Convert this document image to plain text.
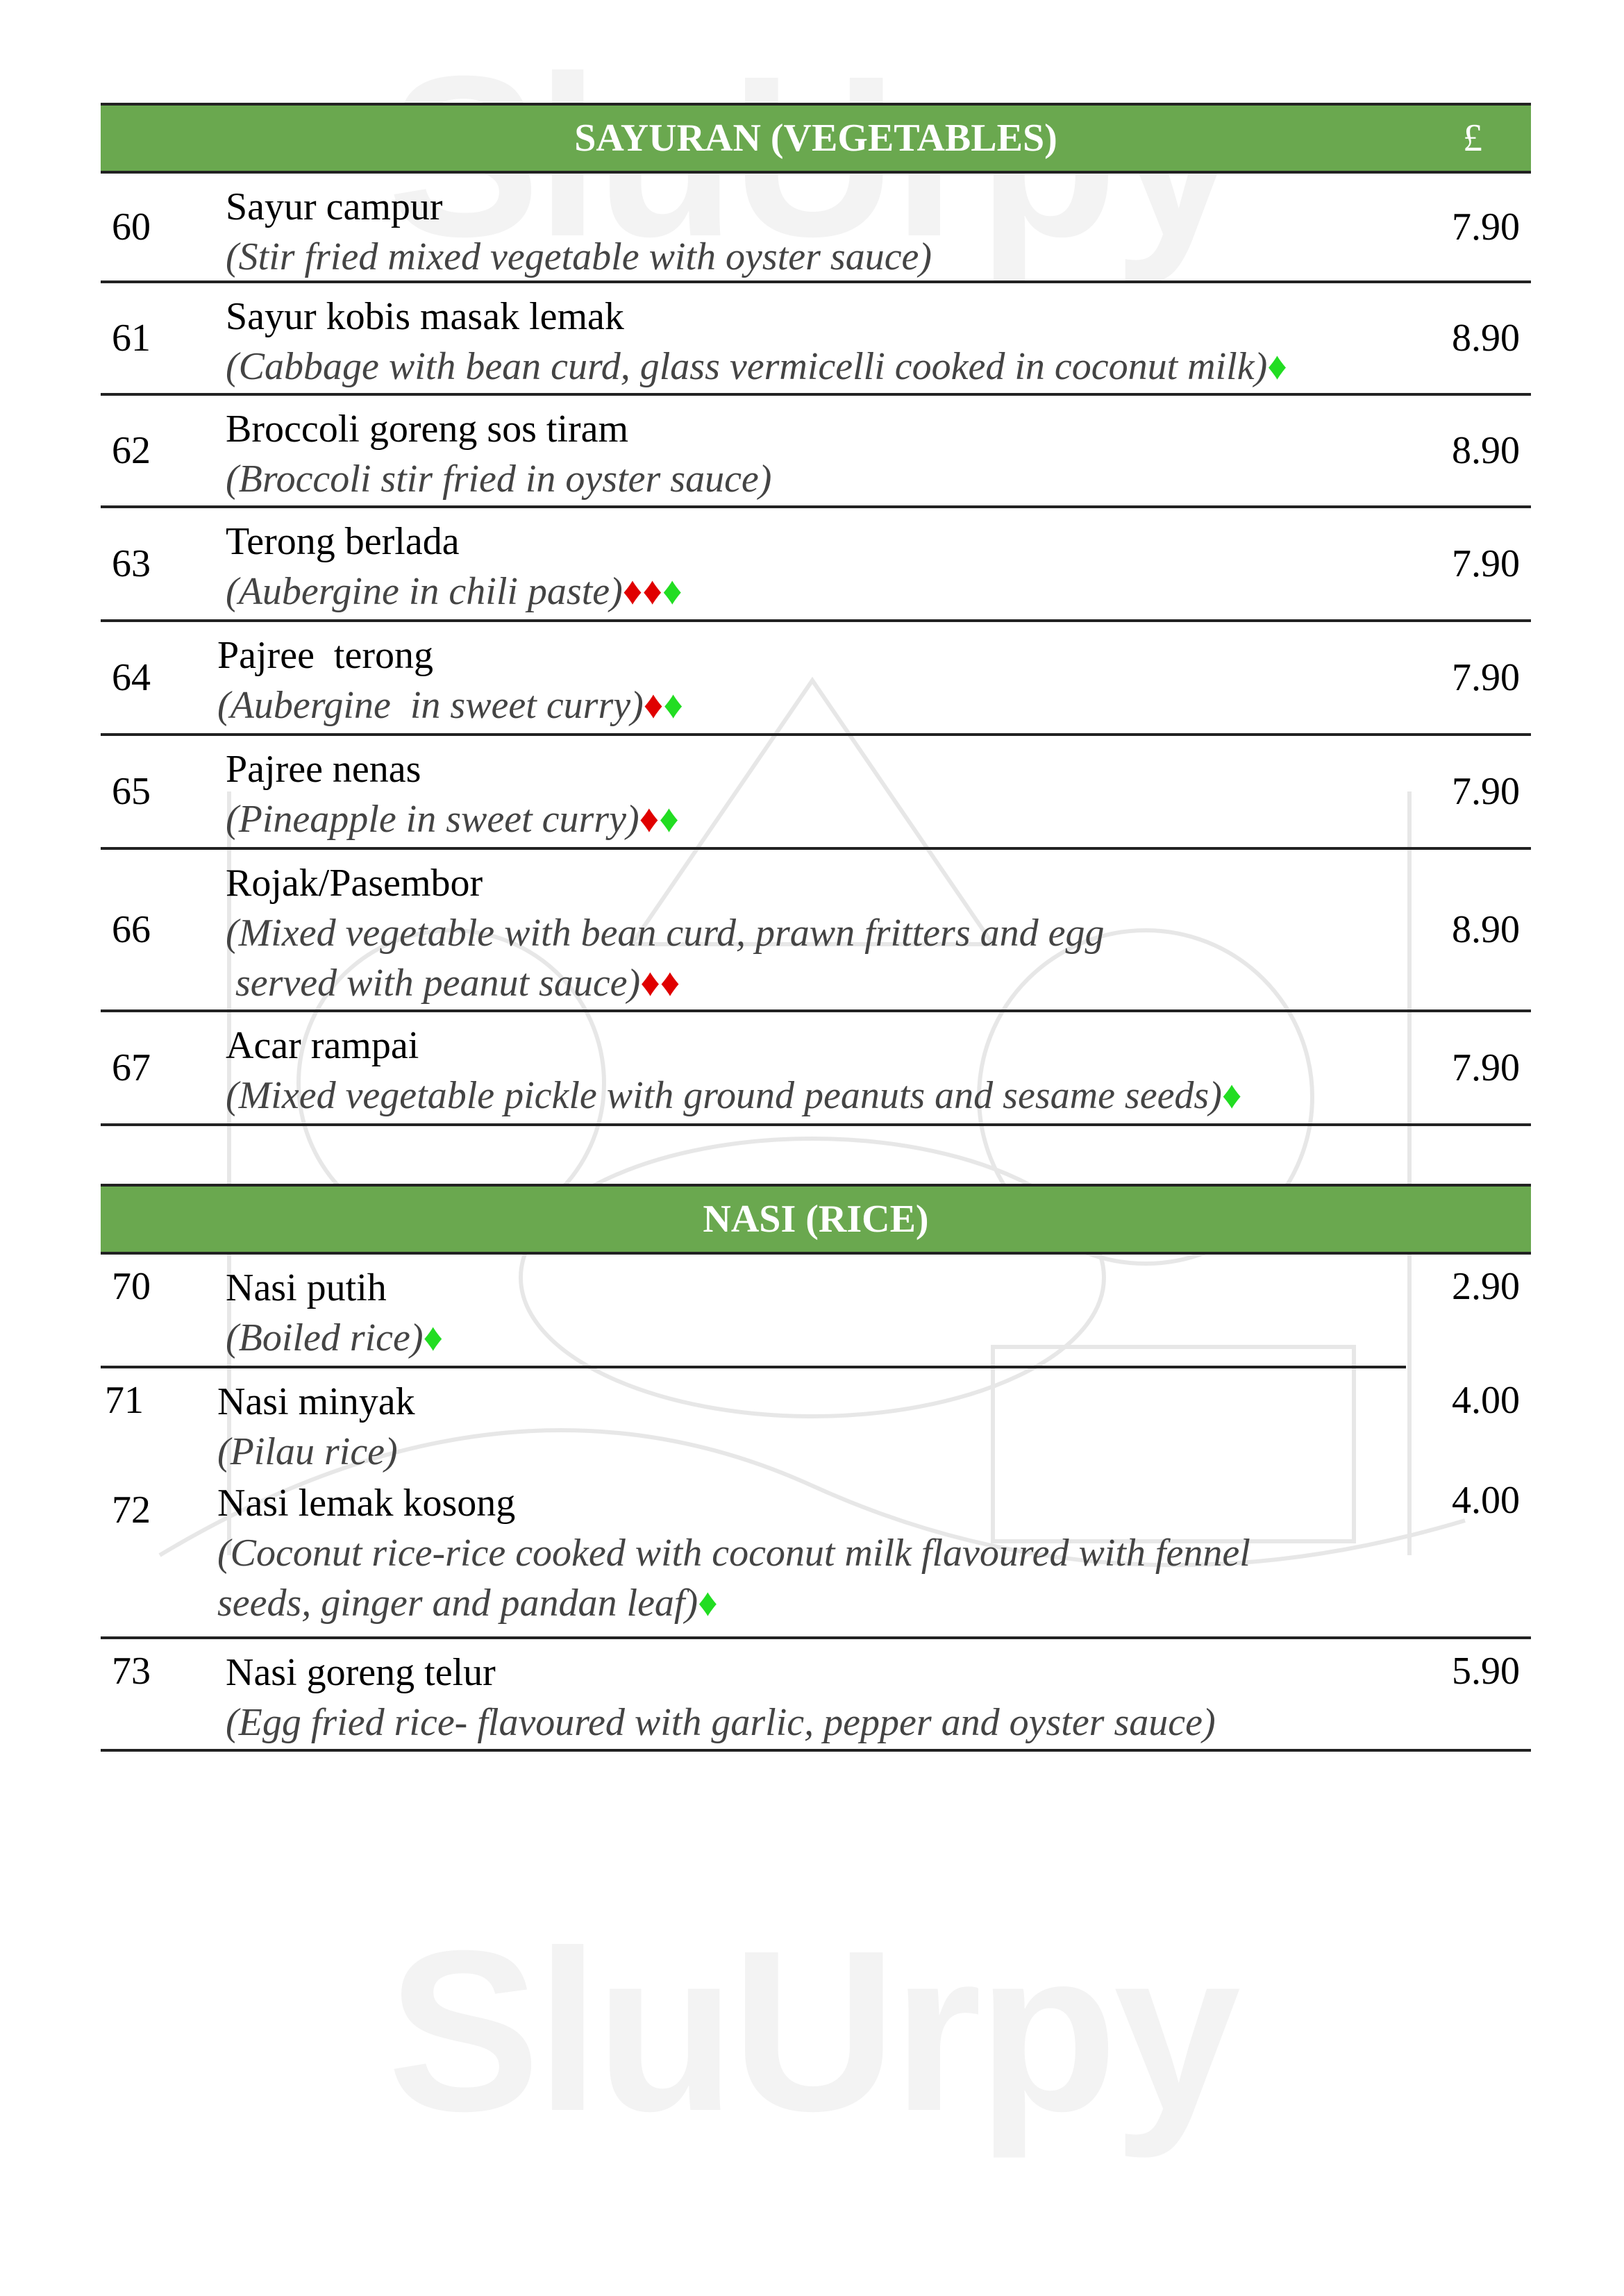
SAYURAN (VEGETABLES)	£
60 Sayur campur
(Stir fried mixed vegetable with oyster sauce)
7.90
61 Sayur kobis masak lemak
(Cabbage with bean curd, glass vermicelli cooked in coconut milk)♦
8.90
62 Broccoli goreng sos tiram
(Broccoli stir fried in oyster sauce)
8.90
63
Terong berlada
(Aubergine in chili paste)♦♦♦
7.90
64
Pajree  terong
(Aubergine  in sweet curry)♦♦
7.90
65
Pajree nenas
(Pineapple in sweet curry)♦♦
7.90
66
Rojak/Pasembor
(Mixed vegetable with bean curd, prawn fritters and egg
served with peanut sauce)♦♦
8.90
67
Acar rampai
(Mixed vegetable pickle with ground peanuts and sesame seeds)♦
7.90
NASI (RICE)
70 Nasi putih
(Boiled rice)♦
2.90
71 Nasi minyak
(Pilau rice)
4.00
72 Nasi lemak kosong
(Coconut rice-rice cooked with coconut milk flavoured with fennel
seeds, ginger and pandan leaf)♦
4.00
73 Nasi goreng telur
(Egg fried rice- flavoured with garlic, pepper and oyster sauce)
5.90
